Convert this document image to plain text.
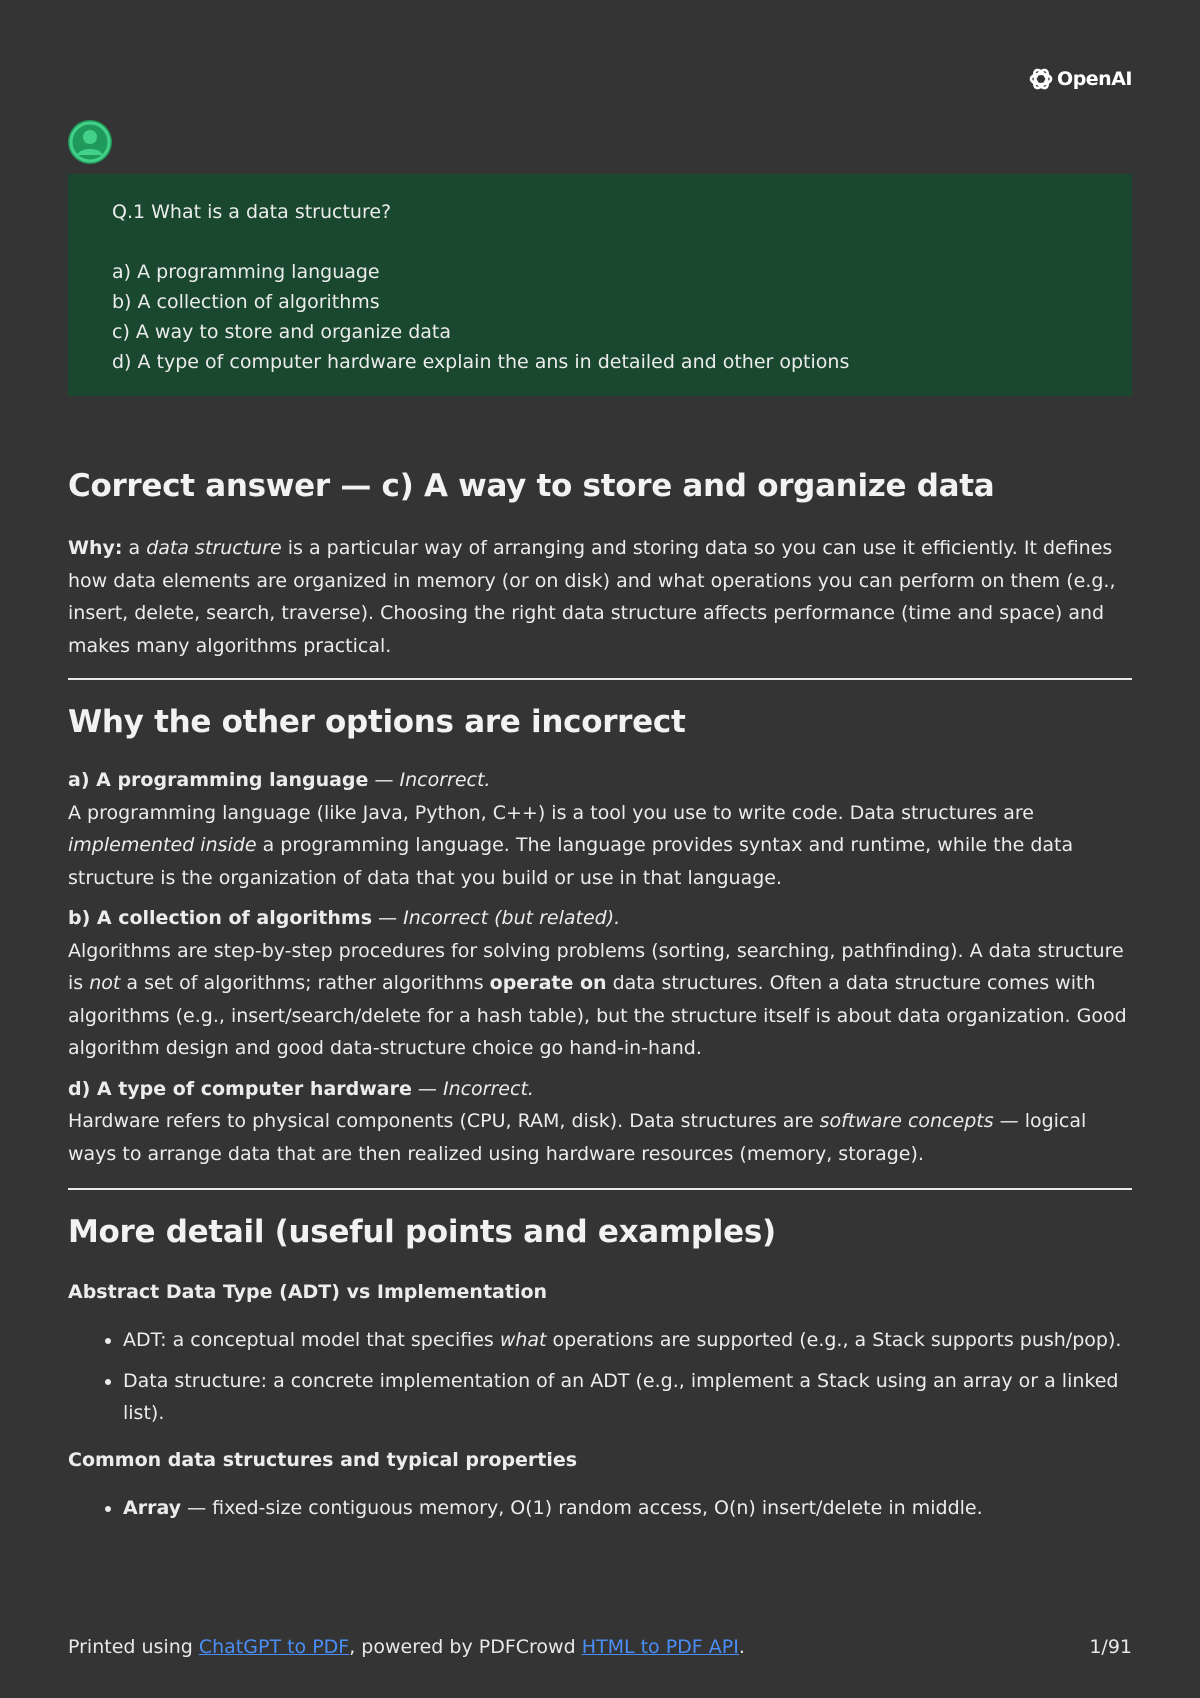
OpenAI
Q.1 What is a data structure?
a) A programming language
b) A collection of algorithms
c) A way to store and organize data
d) A type of computer hardware explain the ans in detailed and other options
Correct answer — c) A way to store and organize data

Why: a data structure is a particular way of arranging and storing data so you can use it efficiently. It defines how data elements are organized in memory (or on disk) and what operations you can perform on them (e.g., insert, delete, search, traverse). Choosing the right data structure affects performance (time and space) and makes many algorithms practical.

Why the other options are incorrect

a) A programming language — Incorrect.

A programming language (like Java, Python, C++) is a tool you use to write code. Data structures are implemented inside a programming language. The language provides syntax and runtime, while the data structure is the organization of data that you build or use in that language.

b) A collection of algorithms — Incorrect (but related).

Algorithms are step-by-step procedures for solving problems (sorting, searching, pathfinding). A data structure is not a set of algorithms; rather algorithms operate on data structures. Often a data structure comes with algorithms (e.g., insert/search/delete for a hash table), but the structure itself is about data organization. Good algorithm design and good data-structure choice go hand-in-hand.

d) A type of computer hardware — Incorrect.

Hardware refers to physical components (CPU, RAM, disk). Data structures are software concepts — logical ways to arrange data that are then realized using hardware resources (memory, storage).

More detail (useful points and examples)

Abstract Data Type (ADT) vs Implementation

• ADT: a conceptual model that specifies what operations are supported (e.g., a Stack supports push/pop).
• Data structure: a concrete implementation of an ADT (e.g., implement a Stack using an array or a linked list).

Common data structures and typical properties

• Array — fixed-size contiguous memory, O(1) random access, O(n) insert/delete in middle.
Printed using ChatGPT to PDF, powered by PDFCrowd HTML to PDF API.	1/91
